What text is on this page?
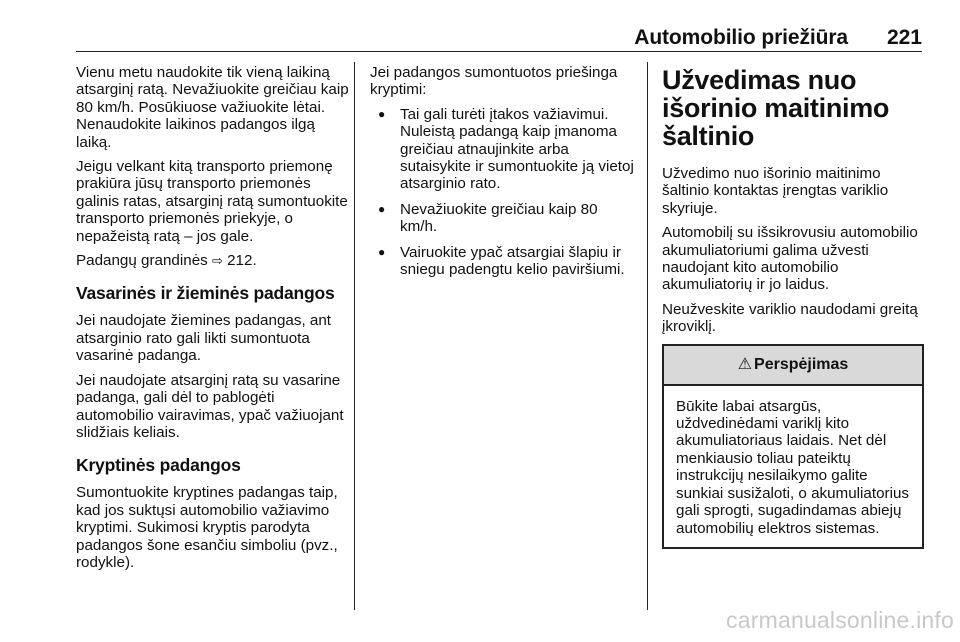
Automobilio priežiūra 221

Vienu metu naudokite tik vieną laikiną atsarginį ratą. Nevažiuokite greičiau kaip 80 km/h. Posūkiuose važiuokite lėtai. Nenaudokite laikinos padangos ilgą laiką.

Jeigu velkant kitą transporto priemonę prakiūra jūsų transporto priemonės galinis ratas, atsarginį ratą sumontuokite transporto priemonės priekyje, o nepažeistą ratą – jos gale.

Padangų grandinės ⇨ 212.

Vasarinės ir žieminės padangos

Jei naudojate žiemines padangas, ant atsarginio rato gali likti sumontuota vasarinė padanga.

Jei naudojate atsarginį ratą su vasarine padanga, gali dėl to pablogėti automobilio vairavimas, ypač važiuojant slidžiais keliais.

Kryptinės padangos

Sumontuokite kryptines padangas taip, kad jos suktųsi automobilio važiavimo kryptimi. Sukimosi kryptis parodyta padangos šone esančiu simboliu (pvz., rodykle).

Jei padangos sumontuotos priešinga kryptimi:

● Tai gali turėti įtakos važiavimui. Nuleistą padangą kaip įmanoma greičiau atnaujinkite arba sutaisykite ir sumontuokite ją vietoj atsarginio rato.
● Nevažiuokite greičiau kaip 80 km/h.
● Vairuokite ypač atsargiai šlapiu ir sniegu padengtu kelio paviršiumi.
Užvedimas nuo išorinio maitinimo šaltinio

Užvedimo nuo išorinio maitinimo šaltinio kontaktas įrengtas variklio skyriuje.

Automobilį su išsikrovusiu automobilio akumuliatoriumi galima užvesti naudojant kito automobilio akumuliatorių ir jo laidus.

Neužveskite variklio naudodami greitą įkroviklį.

⚠ Perspėjimas
Būkite labai atsargūs, uždvedinėdami variklį kito akumuliatoriaus laidais. Net dėl menkiausio toliau pateiktų instrukcijų nesilaikymo galite sunkiai susižaloti, o akumuliatorius gali sprogti, sugadindamas abiejų automobilių elektros sistemas.
carmanualsonline.info
